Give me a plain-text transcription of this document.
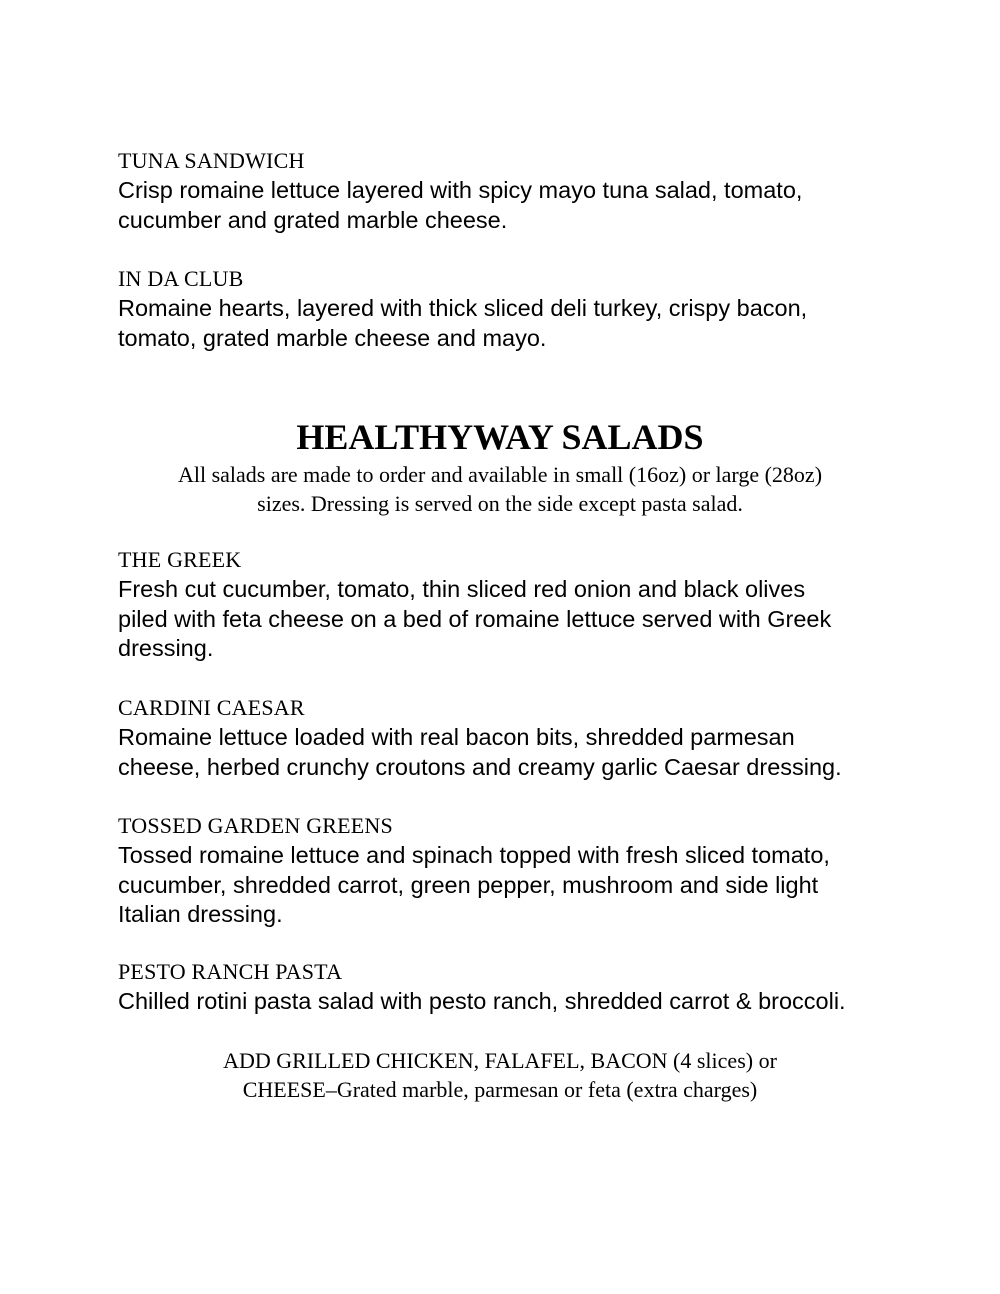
TUNA SANDWICH

Crisp romaine lettuce layered with spicy mayo tuna salad, tomato,
cucumber and grated marble cheese.

IN DA CLUB

Romaine hearts, layered with thick sliced deli turkey, crispy bacon,
tomato, grated marble cheese and mayo.

HEALTHYWAY SALADS

All salads are made to order and available in small (16oz) or large (28oz)
sizes. Dressing is served on the side except pasta salad.

THE GREEK

Fresh cut cucumber, tomato, thin sliced red onion and black olives
piled with feta cheese on a bed of romaine lettuce served with Greek
dressing.

CARDINI CAESAR

Romaine lettuce loaded with real bacon bits, shredded parmesan
cheese, herbed crunchy croutons and creamy garlic Caesar dressing.

TOSSED GARDEN GREENS

Tossed romaine lettuce and spinach topped with fresh sliced tomato,
cucumber, shredded carrot, green pepper, mushroom and side light
Italian dressing.

PESTO RANCH PASTA

Chilled rotini pasta salad with pesto ranch, shredded carrot & broccoli.

ADD GRILLED CHICKEN, FALAFEL, BACON (4 slices) or
CHEESE–Grated marble, parmesan or feta (extra charges)
